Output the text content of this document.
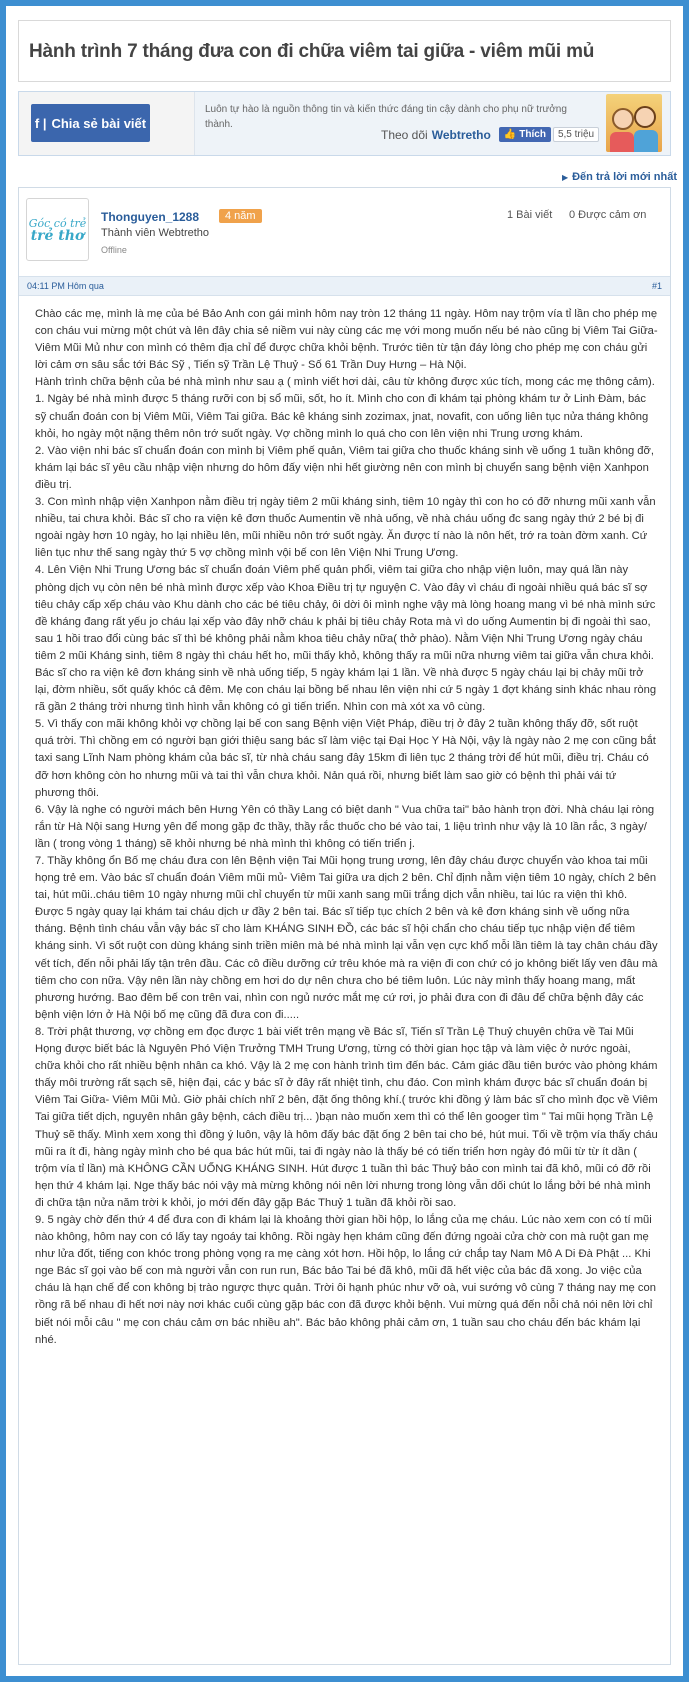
Hành trình 7 tháng đưa con đi chữa viêm tai giữa - viêm mũi mủ
f | Chia sẻ bài viết
Luôn tự hào là nguồn thông tin và kiến thức đáng tin cậy dành cho phụ nữ trưởng thành.
Theo dõi Webtretho 👍 Thích	5,5 triệu
▶ Đến trả lời mới nhất
Góc có trẻ
trẻ thơ
Thonguyen_1288	4 năm
Thành viên Webtretho
Offline
1 Bài viết 0 Được cảm ơn
04:11 PM Hôm qua	#1

Chào các mẹ, mình là mẹ của bé Bảo Anh con gái mình hôm nay tròn 12 tháng 11 ngày. Hôm nay trộm vía tỉ lần cho phép mẹ con cháu vui mừng một chút và lên đây chia sẻ niềm vui này cùng các mẹ với mong muốn nếu bé nào cũng bị Viêm Tai Giữa- Viêm Mũi Mủ như con mình có thêm địa chỉ để được chữa khỏi bệnh. Trước tiên từ tận đáy lòng cho phép mẹ con cháu gửi lời cảm ơn sâu sắc tới Bác Sỹ , Tiến sỹ Trần Lệ Thuỷ - Số 61 Trần Duy Hưng – Hà Nội.

Hành trình chữa bệnh của bé nhà mình như sau ạ ( mình viết hơi dài, câu từ không được xúc tích, mong các mẹ thông cảm).

1. Ngày bé nhà mình được 5 tháng rưỡi con bị sổ mũi, sốt, ho ít. Mình cho con đi khám tại phòng khám tư ở Linh Đàm, bác sỹ chuẩn đoán con bị Viêm Mũi, Viêm Tai giữa. Bác kê kháng sinh zozimax, jnat, novafit, con uống liên tục nửa tháng không khỏi, ho ngày một nặng thêm nôn trớ suốt ngày. Vợ chồng mình lo quá cho con lên viện nhi Trung ương khám.

2. Vào viện nhi bác sĩ chuẩn đoán con mình bị Viêm phế quản, Viêm tai giữa cho thuốc kháng sinh về uống 1 tuần không đỡ, khám lại bác sĩ yêu cầu nhập viện nhưng do hôm đấy viện nhi hết giường nên con mình bị chuyển sang bệnh viện Xanhpon điều trị.

3. Con mình nhập viện Xanhpon nằm điều trị ngày tiêm 2 mũi kháng sinh, tiêm 10 ngày thì con ho có đỡ nhưng mũi xanh vẫn nhiều, tai chưa khỏi. Bác sĩ cho ra viện kê đơn thuốc Aumentin về nhà uống, về nhà cháu uống đc sang ngày thứ 2 bé bị đi ngoài ngày hơn 10 ngày, ho lại nhiều lên, mũi nhiều nôn trớ suốt ngày. Ăn được tí nào là nôn hết, trớ ra toàn đờm xanh. Cứ liên tục như thế sang ngày thứ 5 vợ chồng mình vội bế con lên Viện Nhi Trung Ương.

4. Lên Viện Nhi Trung Ương bác sĩ chuẩn đoán Viêm phế quản phổi, viêm tai giữa cho nhập viện luôn, may quá lần này phòng dịch vụ còn nên bé nhà mình được xếp vào Khoa Điều trị tự nguyện C. Vào đây vì cháu đi ngoài nhiều quá bác sĩ sợ tiêu chảy cấp xếp cháu vào Khu dành cho các bé tiêu chảy, ôi dời ôi mình nghe vậy mà lòng hoang mang vì bé nhà mình sức đề kháng đang rất yếu jo cháu lại xếp vào đây nhỡ cháu k phải bị tiêu chảy Rota mà vì do uống Aumentin bị đi ngoài thì sao, sau 1 hồi trao đổi cùng bác sĩ thì bé không phải nằm khoa tiêu chảy nữa( thở phào). Nằm Viện Nhi Trung Ương ngày cháu tiêm 2 mũi Kháng sinh, tiêm 8 ngày thì cháu hết ho, mũi thấy khỏ, không thấy ra mũi nữa nhưng viêm tai giữa vẫn chưa khỏi. Bác sĩ cho ra viện kê đơn kháng sinh về nhà uống tiếp, 5 ngày khám lại 1 lần. Về nhà được 5 ngày cháu lại bị chảy mũi trở lại, đờm nhiều, sốt quấy khóc cả đêm. Mẹ con cháu lại bồng bế nhau lên viện nhi cứ 5 ngày 1 đợt kháng sinh khác nhau ròng rã gần 2 tháng trời nhưng tình hình vẫn không có gì tiến triển. Nhìn con mà xót xa vô cùng.

5. Vì thấy con mãi không khỏi vợ chồng lại bế con sang Bệnh viện Việt Pháp, điều trị ở đây 2 tuần không thấy đỡ, sốt ruột quá trời. Thì chồng em có người bạn giới thiệu sang bác sĩ làm việc tại Đại Học Y Hà Nội, vậy là ngày nào 2 mẹ con cũng bắt taxi sang Lĩnh Nam phòng khám của bác sĩ, từ nhà cháu sang đây 15km đi liên tục 2 tháng trời để hút mũi, điều trị. Cháu có đỡ hơn không còn ho nhưng mũi và tai thì vẫn chưa khỏi. Nản quá rồi, nhưng biết làm sao giờ có bệnh thì phải vái tứ phương thôi.

6. Vậy là nghe có người mách bên Hưng Yên có thầy Lang có biệt danh " Vua chữa tai" bảo hành trọn đời. Nhà cháu lại ròng rắn từ Hà Nội sang Hưng yên để mong gặp đc thầy, thầy rắc thuốc cho bé vào tai, 1 liệu trình như vậy là 10 lần rắc, 3 ngày/ lần ( trong vòng 1 tháng) sẽ khỏi nhưng bé nhà mình thì không có tiến triển j.

7. Thầy không ổn Bố mẹ cháu đưa con lên Bệnh viện Tai Mũi họng trung ương, lên đây cháu được chuyển vào khoa tai mũi họng trẻ em. Vào bác sĩ chuẩn đoán Viêm mũi mủ- Viêm Tai giữa ưa dịch 2 bên. Chỉ định nằm viện tiêm 10 ngày, chích 2 bên tai, hút mũi..cháu tiêm 10 ngày nhưng mũi chỉ chuyển từ mũi xanh sang mũi trắng dịch vẫn nhiều, tai lúc ra viện thì khô. Được 5 ngày quay lại khám tai cháu dịch ư đầy 2 bên tai. Bác sĩ tiếp tục chích 2 bên và kê đơn kháng sinh về uống nữa tháng. Bệnh tình cháu vẫn vậy bác sĩ cho làm KHÁNG SINH ĐỒ, các bác sĩ hội chẩn cho cháu tiếp tục nhập viện để tiêm kháng sinh. Vì sốt ruột con dùng kháng sinh triền miên mà bé nhà mình lại vẫn vẹn cực khổ mỗi lần tiêm là tay chân cháu đầy vết tích, đến nỗi phải lấy tận trên đầu. Các cô điều dưỡng cứ trêu khóe mà ra viện đi con chứ có jo không biết lấy ven đâu mà tiêm cho con nữa. Vậy nên lần này chồng em hơi do dự nên chưa cho bé tiêm luôn. Lúc này mình thấy hoang mang, mất phương hướng. Bao đêm bế con trên vai, nhìn con ngủ nước mắt mẹ cứ rơi, jo phải đưa con đi đâu để chữa bệnh đây các bệnh viện lớn ở Hà Nội bố mẹ cũng đã đưa con đi.....

8. Trời phật thương, vợ chồng em đọc được 1 bài viết trên mạng về Bác sĩ, Tiến sĩ Trần Lệ Thuỷ chuyên chữa về Tai Mũi Họng được biết bác là Nguyên Phó Viện Trưởng TMH Trung Ương, từng có thời gian học tập và làm việc ở nước ngoài, chữa khỏi cho rất nhiều bệnh nhân ca khó. Vậy là 2 mẹ con hành trình tìm đến bác. Cảm giác đầu tiên bước vào phòng khám thấy môi trường rất sạch sẽ, hiện đại, các y bác sĩ ở đây rất nhiệt tình, chu đáo. Con mình khám được bác sĩ chuẩn đoán bị Viêm Tai Giữa- Viêm Mũi Mủ. Giờ phải chích nhĩ 2 bên, đặt ống thông khí.( trước khi đồng ý làm bác sĩ cho mình đọc về Viêm Tai giữa tiết dịch, nguyên nhân gây bệnh, cách điều trị... )bạn nào muốn xem thì có thể lên googer tìm " Tai mũi họng Trần Lệ Thuỷ sẽ thấy. Mình xem xong thì đồng ý luôn, vậy là hôm đấy bác đặt ống 2 bên tai cho bé, hút mui. Tối về trộm vía thấy cháu mũi ra ít đi, hàng ngày mình cho bé qua bác hút mũi, tai đi ngày nào là thấy bé có tiến triển hơn ngày đó mũi từ từ ít dần ( trộm vía tỉ lần) mà KHÔNG CẦN UỐNG KHÁNG SINH. Hút được 1 tuần thì bác Thuỷ bảo con mình tai đã khô, mũi có đỡ rồi hẹn thứ 4 khám lại. Nge thấy bác nói vậy mà mừng không nói nên lời nhưng trong lòng vẫn dối chút lo lắng bởi bé nhà mình đi chữa tận nửa năm trời k khỏi, jo mới đến đây gặp Bác Thuỷ 1 tuần đã khỏi rồi sao.

9. 5 ngày chờ đến thứ 4 để đưa con đi khám lại là khoảng thời gian hồi hộp, lo lắng của mẹ cháu. Lúc nào xem con có tí mũi nào không, hôm nay con có lấy tay ngoáy tai không. Rồi ngày hẹn khám cũng đến đứng ngoài cửa chờ con mà ruột gan mẹ như lửa đốt, tiếng con khóc trong phòng vọng ra mẹ càng xót hơn. Hồi hộp, lo lắng cứ chắp tay Nam Mô A Di Đà Phật ... Khi nge Bác sĩ gọi vào bế con mà người vẫn con run run, Bác bảo Tai bé đã khô, mũi đã hết việc của bác đã xong. Jo việc của cháu là hạn chế để con không bị trào ngược thực quản. Trời ôi hạnh phúc như vỡ oà, vui sướng vô cùng 7 tháng nay mẹ con rồng rã bế nhau đi hết nơi này nơi khác cuối cùng gặp bác con đã được khỏi bệnh. Vui mừng quá đến nỗi chả nói nên lời chỉ biết nói mỗi câu " mẹ con cháu cảm ơn bác nhiều ah". Bác bảo không phải cảm ơn, 1 tuần sau cho cháu đến bác khám lại nhé.
